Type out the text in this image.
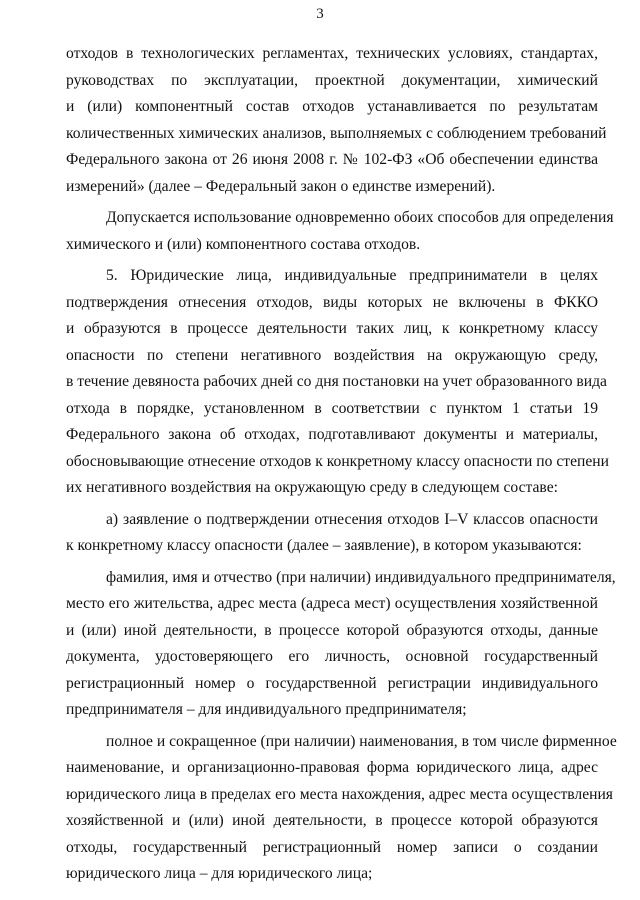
3
отходов в технологических регламентах, технических условиях, стандартах,
руководствах по эксплуатации, проектной документации, химический
и (или) компонентный состав отходов устанавливается по результатам
количественных химических анализов, выполняемых с соблюдением требований
Федерального закона от 26 июня 2008 г. № 102-ФЗ «Об обеспечении единства
измерений» (далее – Федеральный закон о единстве измерений).
Допускается использование одновременно обоих способов для определения
химического и (или) компонентного состава отходов.
5. Юридические лица, индивидуальные предприниматели в целях
подтверждения отнесения отходов, виды которых не включены в ФККО
и образуются в процессе деятельности таких лиц, к конкретному классу
опасности по степени негативного воздействия на окружающую среду,
в течение девяноста рабочих дней со дня постановки на учет образованного вида
отхода в порядке, установленном в соответствии с пунктом 1 статьи 19
Федерального закона об отходах, подготавливают документы и материалы,
обосновывающие отнесение отходов к конкретному классу опасности по степени
их негативного воздействия на окружающую среду в следующем составе:
а) заявление о подтверждении отнесения отходов I–V классов опасности
к конкретному классу опасности (далее – заявление), в котором указываются:
фамилия, имя и отчество (при наличии) индивидуального предпринимателя,
место его жительства, адрес места (адреса мест) осуществления хозяйственной
и (или) иной деятельности, в процессе которой образуются отходы, данные
документа, удостоверяющего его личность, основной государственный
регистрационный номер о государственной регистрации индивидуального
предпринимателя – для индивидуального предпринимателя;
полное и сокращенное (при наличии) наименования, в том числе фирменное
наименование, и организационно-правовая форма юридического лица, адрес
юридического лица в пределах его места нахождения, адрес места осуществления
хозяйственной и (или) иной деятельности, в процессе которой образуются
отходы, государственный регистрационный номер записи о создании
юридического лица – для юридического лица;
